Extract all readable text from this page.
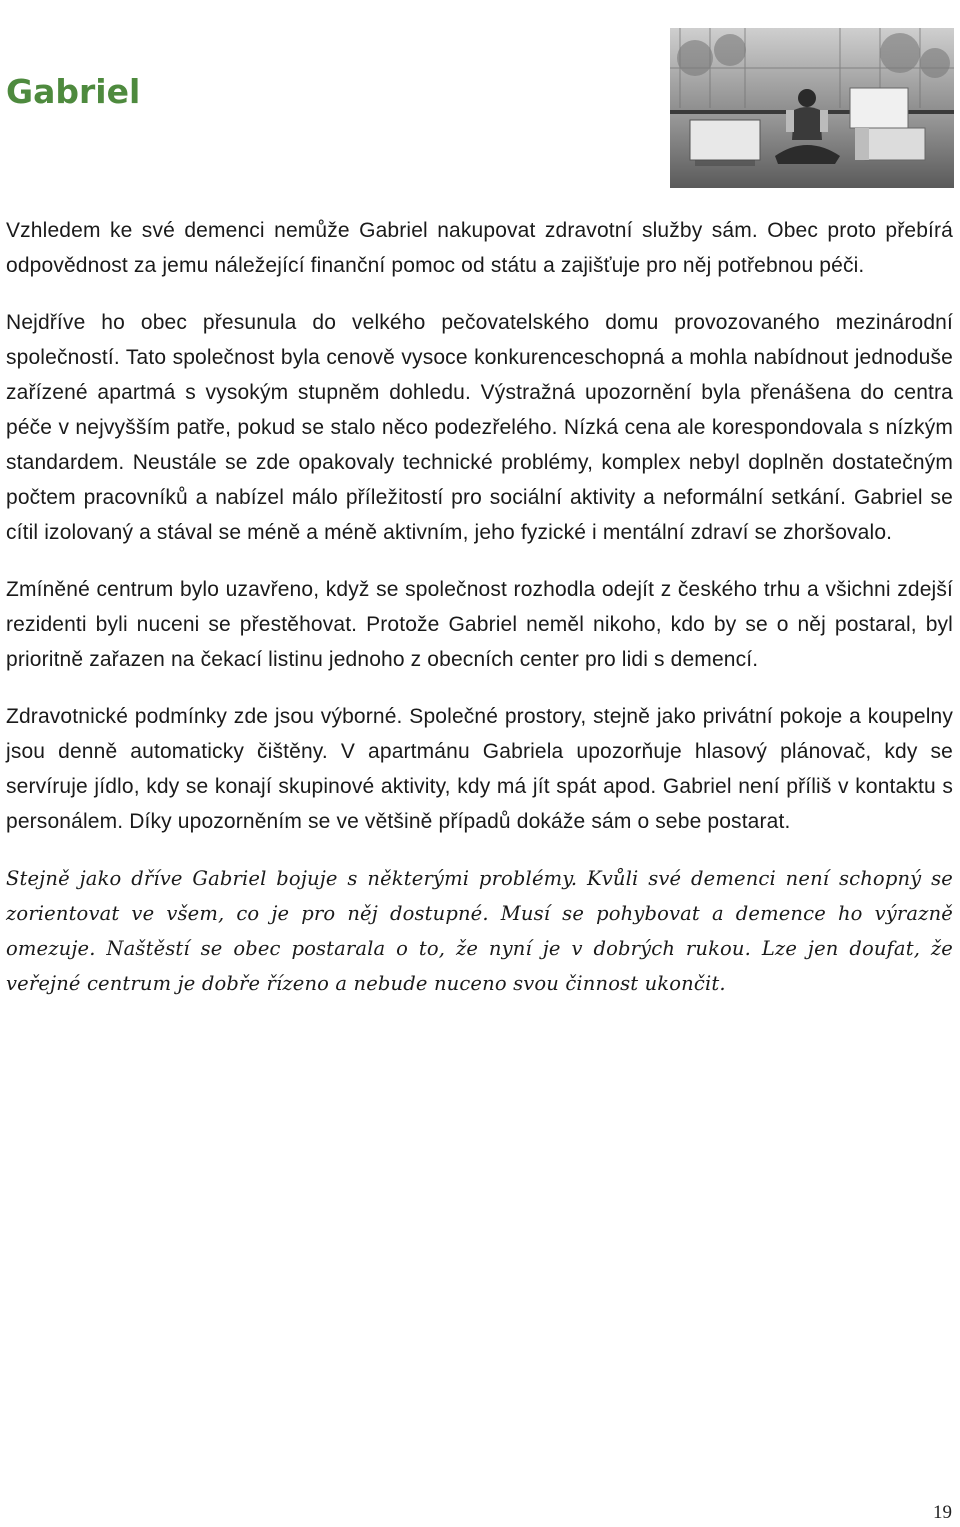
Gabriel

Vzhledem ke své demenci nemůže Gabriel nakupovat zdravotní služby sám. Obec proto přebírá odpovědnost za jemu náležející finanční pomoc od státu a zajišťuje pro něj potřebnou péči.

Nejdříve ho obec přesunula do velkého pečovatelského domu provozovaného mezinárodní společností. Tato společnost byla cenově vysoce konkurenceschopná a mohla nabídnout jednoduše zařízené apartmá s vysokým stupněm dohledu. Výstražná upozornění byla přenášena do centra péče v nejvyšším patře, pokud se stalo něco podezřelého. Nízká cena ale korespondovala s nízkým standardem. Neustále se zde opakovaly technické problémy, komplex nebyl doplněn dostatečným počtem pracovníků a nabízel málo příležitostí pro sociální aktivity a neformální setkání. Gabriel se cítil izolovaný a stával se méně a méně aktivním, jeho fyzické i mentální zdraví se zhoršovalo.

Zmíněné centrum bylo uzavřeno, když se společnost rozhodla odejít z českého trhu a všichni zdejší rezidenti byli nuceni se přestěhovat. Protože Gabriel neměl nikoho, kdo by se o něj postaral, byl prioritně zařazen na čekací listinu jednoho z obecních center pro lidi s demencí.

Zdravotnické podmínky zde jsou výborné. Společné prostory, stejně jako privátní pokoje a koupelny jsou denně automaticky čištěny. V apartmánu Gabriela upozorňuje hlasový plánovač, kdy se servíruje jídlo, kdy se konají skupinové aktivity, kdy má jít spát apod. Gabriel není příliš v kontaktu s personálem. Díky upozorněním se ve většině případů dokáže sám o sebe postarat.

Stejně jako dříve Gabriel bojuje s některými problémy. Kvůli své demenci není schopný se zorientovat ve všem, co je pro něj dostupné. Musí se pohybovat a demence ho výrazně omezuje. Naštěstí se obec postarala o to, že nyní je v dobrých rukou. Lze jen doufat, že veřejné centrum je dobře řízeno a nebude nuceno svou činnost ukončit.

19
